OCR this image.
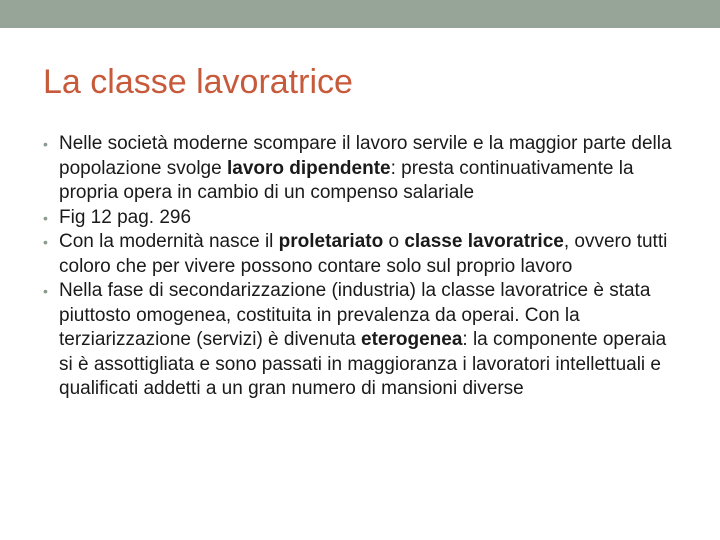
La classe lavoratrice
• Nelle società moderne scompare il lavoro servile e la maggior parte della popolazione svolge lavoro dipendente: presta continuativamente la propria opera in cambio di un compenso salariale
• Fig 12 pag. 296
• Con la modernità nasce il proletariato o classe lavoratrice, ovvero tutti coloro che per vivere possono contare solo sul proprio lavoro
• Nella fase di secondarizzazione (industria) la classe lavoratrice è stata piuttosto omogenea, costituita in prevalenza da operai. Con la terziarizzazione (servizi) è divenuta eterogenea: la componente operaia si è assottigliata e sono passati in maggioranza i lavoratori intellettuali e qualificati addetti a un gran numero di mansioni diverse
